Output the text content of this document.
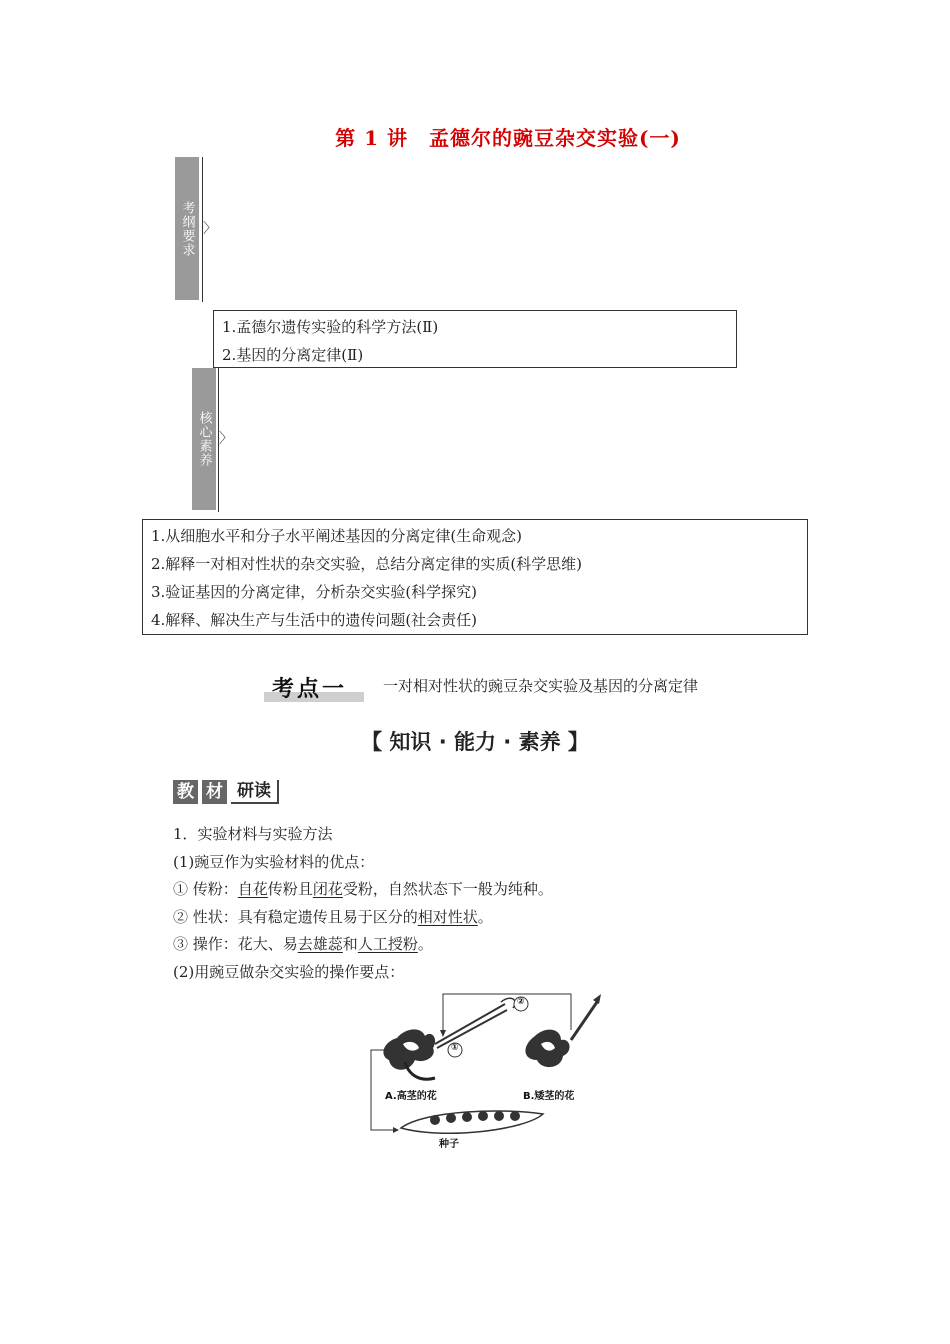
第 1 讲　孟德尔的豌豆杂交实验(一)
考纲要求 〉
1.孟德尔遗传实验的科学方法(Ⅱ)
2.基因的分离定律(Ⅱ)
核心素养 〉
1.从细胞水平和分子水平阐述基因的分离定律(生命观念)
2.解释一对相对性状的杂交实验，总结分离定律的实质(科学思维)
3.验证基因的分离定律，分析杂交实验(科学探究)
4.解释、解决生产与生活中的遗传问题(社会责任)
考点一 一对相对性状的豌豆杂交实验及基因的分离定律
【 知识 · 能力 · 素养 】
教 材 研读
1．实验材料与实验方法
(1)豌豆作为实验材料的优点：
① 传粉：自花传粉且闭花受粉，自然状态下一般为纯种。
② 性状：具有稳定遗传且易于区分的相对性状。
③ 操作：花大、易去雄蕊和人工授粉。
(2)用豌豆做杂交实验的操作要点：
①
②
A.高茎的花	B.矮茎的花
种子
